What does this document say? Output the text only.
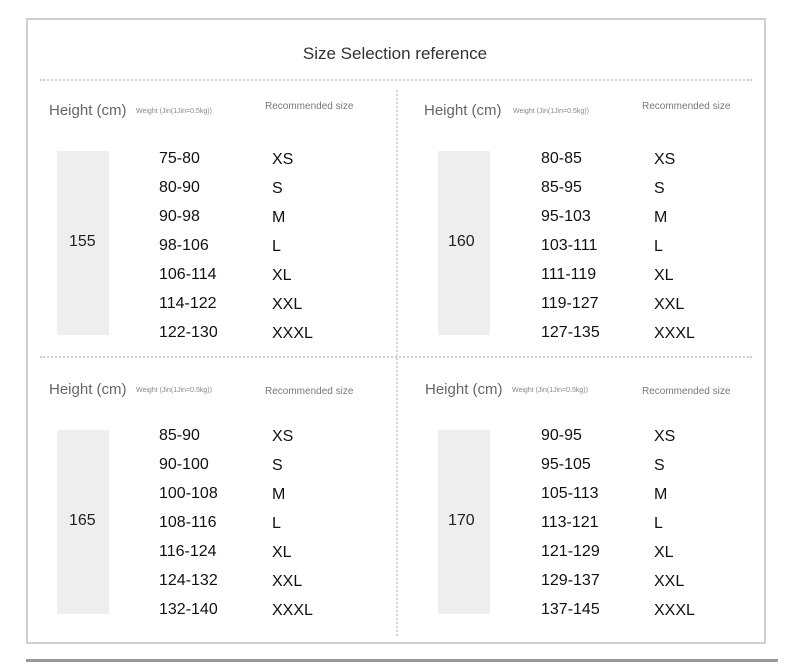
Size Selection reference
Height (cm) Weight (Jin(1Jin=0.5kg))	Recommended size
155
75-80	XS
80-90	S
90-98	M
98-106	L
106-114	XL
114-122	XXL
122-130	XXXL
Height (cm) Weight (Jin(1Jin=0.5kg))	Recommended size
160
80-85	XS
85-95	S
95-103	M
103-111	L
111-119	XL
119-127	XXL
127-135	XXXL
Height (cm) Weight (Jin(1Jin=0.5kg))	Recommended size
165
85-90	XS
90-100	S
100-108	M
108-116	L
116-124	XL
124-132	XXL
132-140	XXXL
Height (cm) Weight (Jin(1Jin=0.5kg))	Recommended size
170
90-95	XS
95-105	S
105-113	M
113-121	L
121-129	XL
129-137	XXL
137-145	XXXL
